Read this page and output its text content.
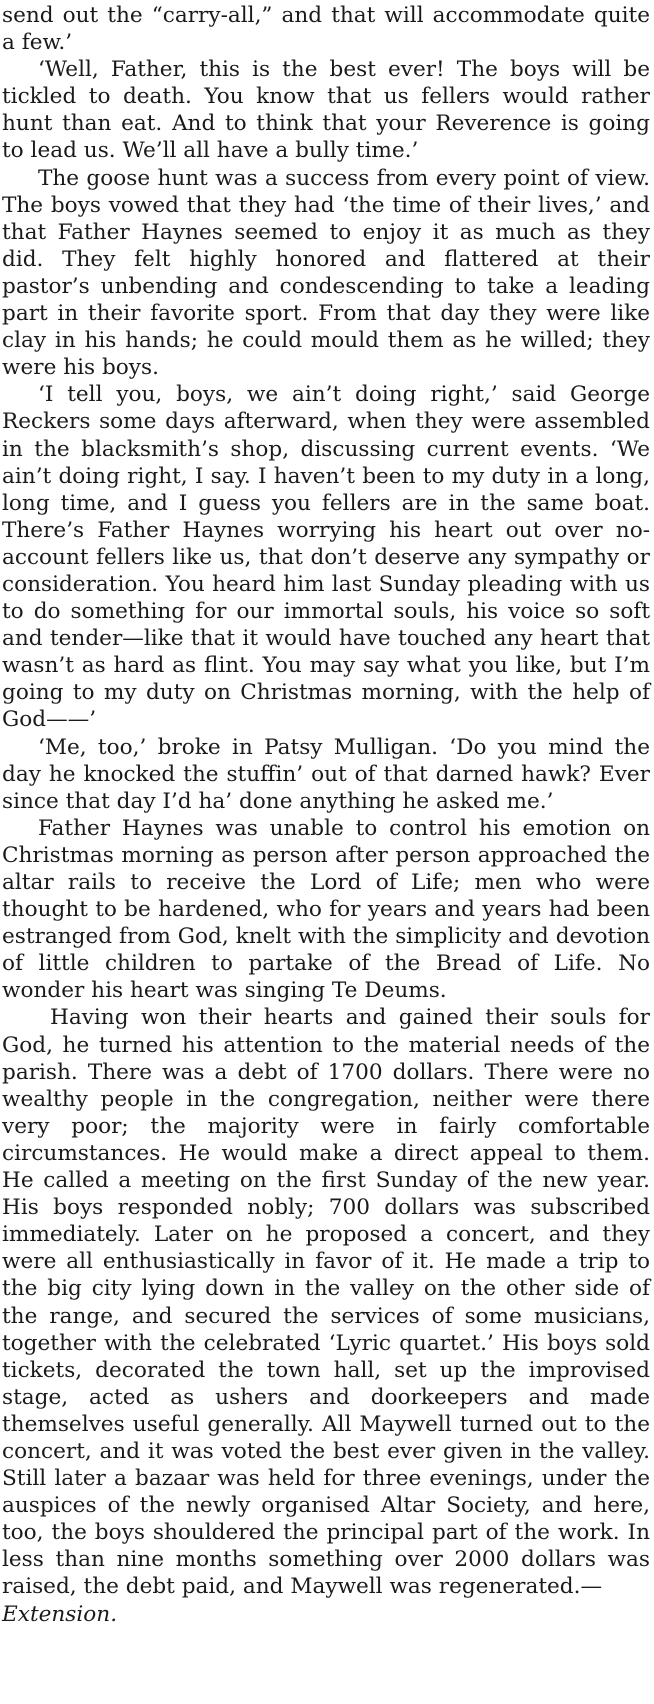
send out the “carry-all,” and that will accommodate quite a few.’

‘Well, Father, this is the best ever! The boys will be tickled to death. You know that us fellers would rather hunt than eat. And to think that your Reverence is going to lead us. We’ll all have a bully time.’

The goose hunt was a success from every point of view. The boys vowed that they had ‘the time of their lives,’ and that Father Haynes seemed to enjoy it as much as they did. They felt highly honored and flattered at their pastor’s unbending and condescending to take a leading part in their favorite sport. From that day they were like clay in his hands; he could mould them as he willed; they were his boys.

‘I tell you, boys, we ain’t doing right,’ said George Reckers some days afterward, when they were assembled in the blacksmith’s shop, discussing current events. ‘We ain’t doing right, I say. I haven’t been to my duty in a long, long time, and I guess you fellers are in the same boat. There’s Father Haynes worrying his heart out over no-account fellers like us, that don’t deserve any sympathy or consideration. You heard him last Sunday pleading with us to do something for our immortal souls, his voice so soft and tender—like that it would have touched any heart that wasn’t as hard as flint. You may say what you like, but I’m going to my duty on Christmas morning, with the help of God——’

‘Me, too,’ broke in Patsy Mulligan. ‘Do you mind the day he knocked the stuffin’ out of that darned hawk? Ever since that day I’d ha’ done anything he asked me.’

Father Haynes was unable to control his emotion on Christmas morning as person after person approached the altar rails to receive the Lord of Life; men who were thought to be hardened, who for years and years had been estranged from God, knelt with the simplicity and devotion of little children to partake of the Bread of Life. No wonder his heart was singing Te Deums.

Having won their hearts and gained their souls for God, he turned his attention to the material needs of the parish. There was a debt of 1700 dollars. There were no wealthy people in the congregation, neither were there very poor; the majority were in fairly comfortable circumstances. He would make a direct appeal to them. He called a meeting on the first Sunday of the new year. His boys responded nobly; 700 dollars was subscribed immediately. Later on he proposed a concert, and they were all enthusiastically in favor of it. He made a trip to the big city lying down in the valley on the other side of the range, and secured the services of some musicians, together with the celebrated ‘Lyric quartet.’ His boys sold tickets, decorated the town hall, set up the improvised stage, acted as ushers and doorkeepers and made themselves useful generally. All Maywell turned out to the concert, and it was voted the best ever given in the valley. Still later a bazaar was held for three evenings, under the auspices of the newly organised Altar Society, and here, too, the boys shouldered the principal part of the work. In less than nine months something over 2000 dollars was raised, the debt paid, and Maywell was regenerated.—

Extension.
